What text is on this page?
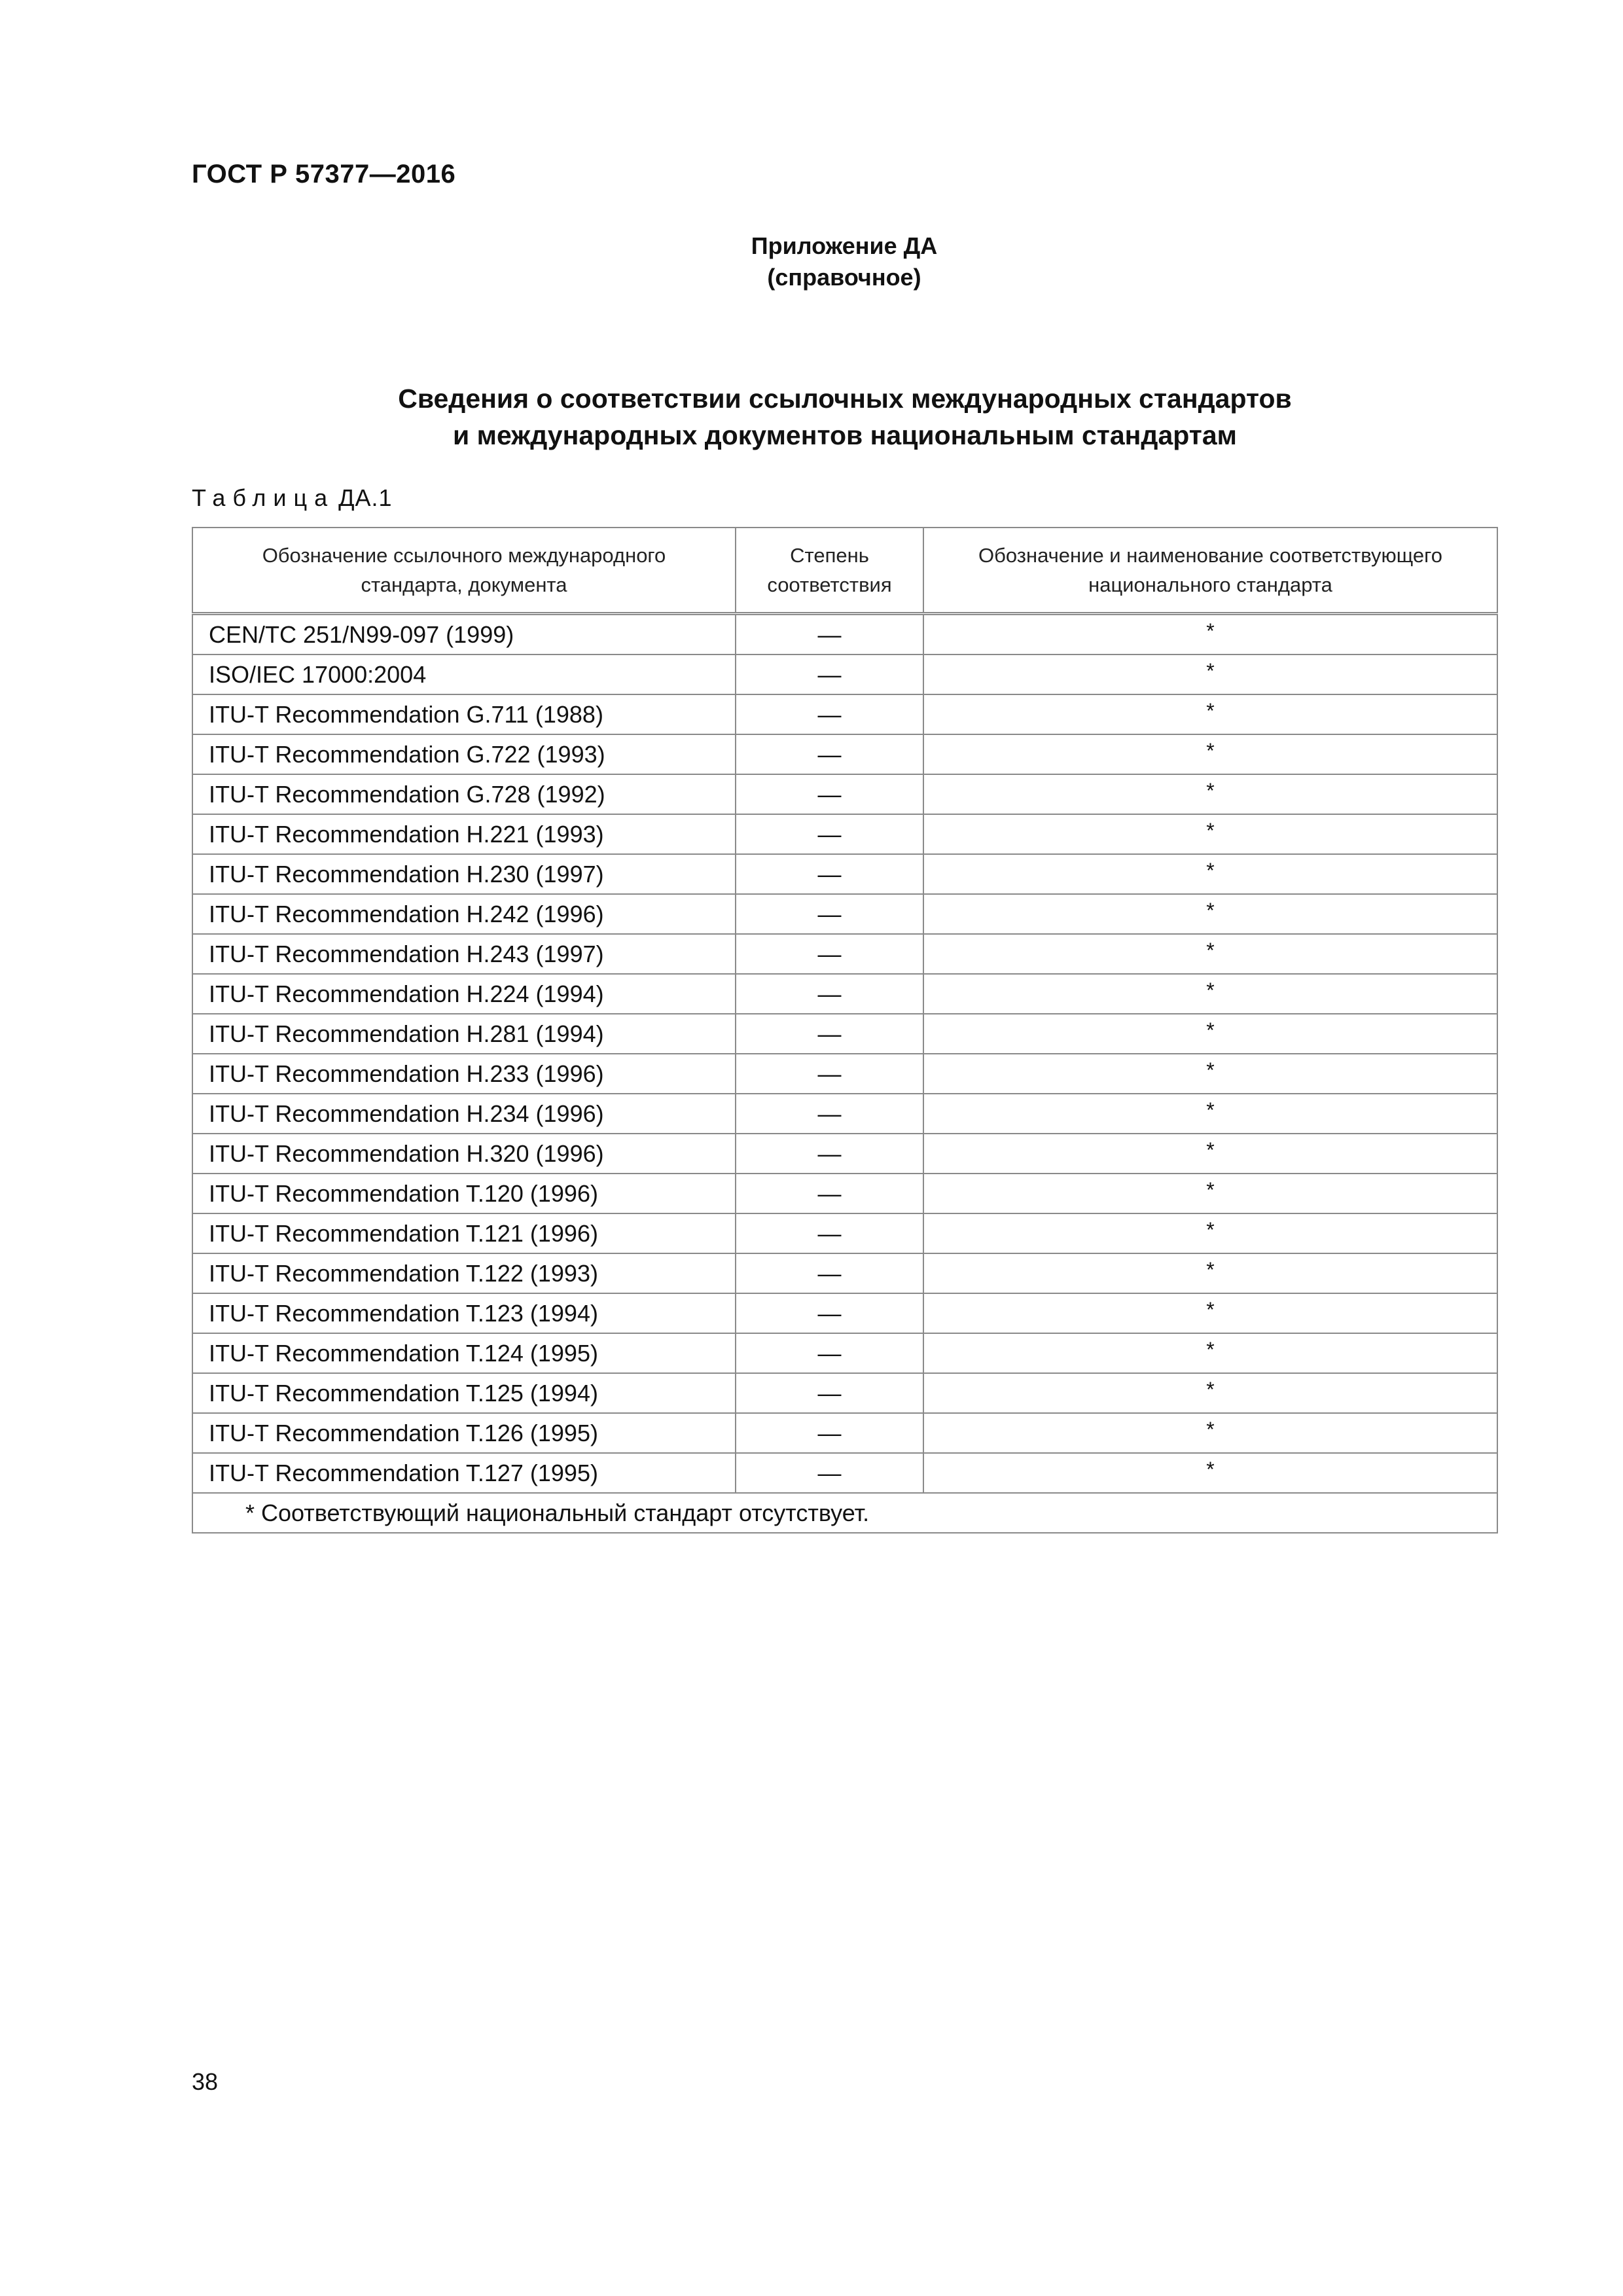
ГОСТ Р 57377—2016
Приложение ДА
(справочное)
Сведения о соответствии ссылочных международных стандартов
и международных документов национальным стандартам
Таблица ДА.1
Обозначение ссылочного международного стандарта, документа	Степень соответствия	Обозначение и наименование соответствующего национального стандарта
CEN/TC 251/N99-097 (1999)	—	*
ISO/IEC 17000:2004	—	*
ITU-T Recommendation G.711 (1988)	—	*
ITU-T Recommendation G.722 (1993)	—	*
ITU-T Recommendation G.728 (1992)	—	*
ITU-T Recommendation H.221 (1993)	—	*
ITU-T Recommendation H.230 (1997)	—	*
ITU-T Recommendation H.242 (1996)	—	*
ITU-T Recommendation H.243 (1997)	—	*
ITU-T Recommendation H.224 (1994)	—	*
ITU-T Recommendation H.281 (1994)	—	*
ITU-T Recommendation H.233 (1996)	—	*
ITU-T Recommendation H.234 (1996)	—	*
ITU-T Recommendation H.320 (1996)	—	*
ITU-T Recommendation T.120 (1996)	—	*
ITU-T Recommendation T.121 (1996)	—	*
ITU-T Recommendation T.122 (1993)	—	*
ITU-T Recommendation T.123 (1994)	—	*
ITU-T Recommendation T.124 (1995)	—	*
ITU-T Recommendation T.125 (1994)	—	*
ITU-T Recommendation T.126 (1995)	—	*
ITU-T Recommendation T.127 (1995)	—	*
* Соответствующий национальный стандарт отсутствует.		
38
